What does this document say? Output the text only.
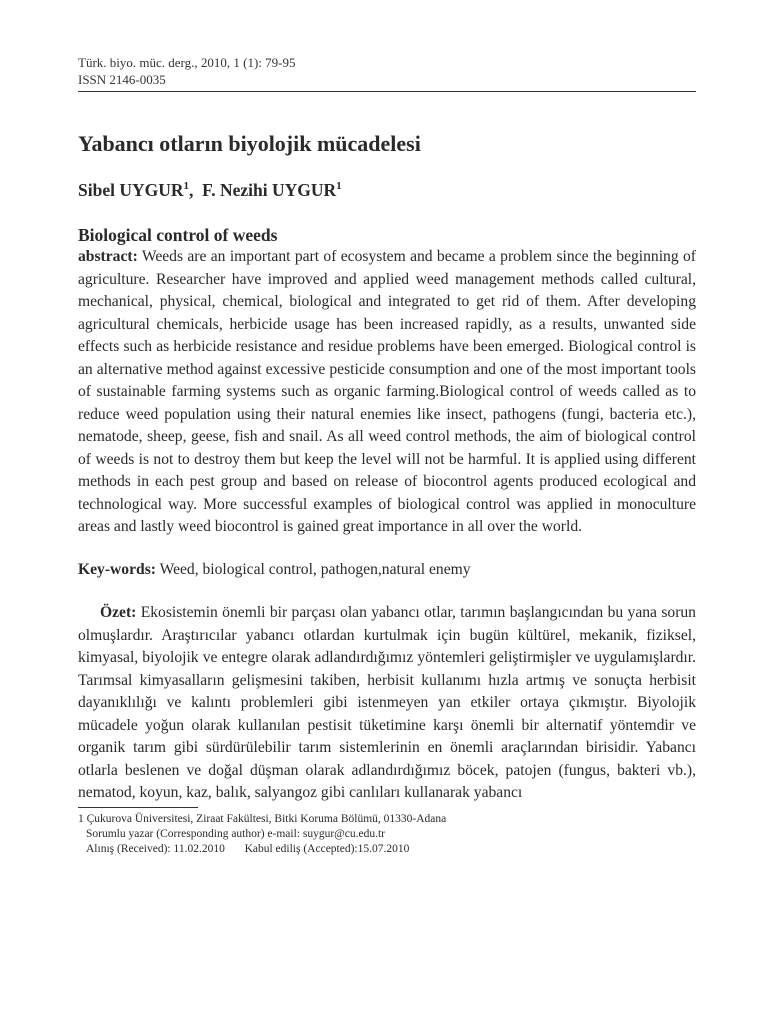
Türk. biyo. müc. derg., 2010, 1 (1): 79-95
ISSN 2146-0035
Yabancı otların biyolojik mücadelesi
Sibel UYGUR$^1$,  F. Nezihi UYGUR$^1$
Biological control of weeds

abstract: Weeds are an important part of ecosystem and became a problem since the beginning of agriculture. Researcher have improved and applied weed management methods called cultural, mechanical, physical, chemical, biological and integrated to get rid of them. After developing agricultural chemicals, herbicide usage has been increased rapidly, as a results, unwanted side effects such as herbicide resistance and residue problems have been emerged. Biological control is an alternative method against excessive pesticide consumption and one of the most important tools of sustainable farming systems such as organic farming.Biological control of weeds called as to reduce weed population using their natural enemies like insect, pathogens (fungi, bacteria etc.), nematode, sheep, geese, fish and snail. As all weed control methods, the aim of biological control of weeds is not to destroy them but keep the level will not be harmful. It is applied using different methods in each pest group and based on release of biocontrol agents produced ecological and technological way. More successful examples of biological control was applied in monoculture areas and lastly weed biocontrol is gained great importance in all over the world.

Key-words: Weed, biological control, pathogen,natural enemy

Özet: Ekosistemin önemli bir parçası olan yabancı otlar, tarımın başlangıcından bu yana sorun olmuşlardır. Araştırıcılar yabancı otlardan kurtulmak için bugün kültürel, mekanik, fiziksel, kimyasal, biyolojik ve entegre olarak adlandırdığımız yöntemleri geliştirmişler ve uygulamışlardır. Tarımsal kimyasalların gelişmesini takiben, herbisit kullanımı hızla artmış ve sonuçta herbisit dayanıklılığı ve kalıntı problemleri gibi istenmeyen yan etkiler ortaya çıkmıştır. Biyolojik mücadele yoğun olarak kullanılan pestisit tüketimine karşı önemli bir alternatif yöntemdir ve organik tarım gibi sürdürülebilir tarım sistemlerinin en önemli araçlarından birisidir. Yabancı otlarla beslenen ve doğal düşman olarak adlandırdığımız böcek, patojen (fungus, bakteri vb.), nematod, koyun, kaz, balık, salyangoz gibi canlıları kullanarak yabancı

1 Çukurova Üniversitesi, Ziraat Fakültesi, Bitki Koruma Bölümü, 01330-Adana
Sorumlu yazar (Corresponding author) e-mail: suygur@cu.edu.tr
Alınış (Received): 11.02.2010 Kabul ediliş (Accepted):15.07.2010
